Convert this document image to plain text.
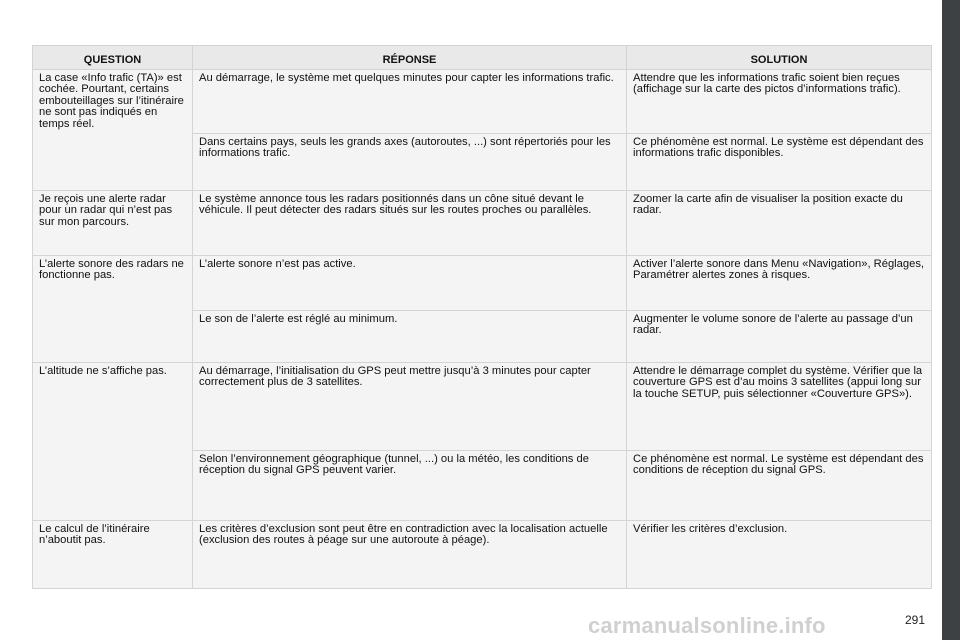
QUESTION	RÉPONSE	SOLUTION
La case «Info trafic (TA)» est cochée. Pourtant, certains embouteillages sur l’itinéraire ne sont pas indiqués en temps réel.	Au démarrage, le système met quelques minutes pour capter les informations trafic.	Attendre que les informations trafic soient bien reçues (affichage sur la carte des pictos d’informations trafic).
	Dans certains pays, seuls les grands axes (autoroutes, ...) sont répertoriés pour les informations trafic.	Ce phénomène est normal. Le système est dépendant des informations trafic disponibles.
Je reçois une alerte radar pour un radar qui n’est pas sur mon parcours.	Le système annonce tous les radars positionnés dans un cône situé devant le véhicule. Il peut détecter des radars situés sur les routes proches ou parallèles.	Zoomer la carte afin de visualiser la position exacte du radar.
L’alerte sonore des radars ne fonctionne pas.	L’alerte sonore n’est pas active.	Activer l’alerte sonore dans Menu «Navigation», Réglages, Paramétrer alertes zones à risques.
	Le son de l’alerte est réglé au minimum.	Augmenter le volume sonore de l’alerte au passage d’un radar.
L’altitude ne s’affiche pas.	Au démarrage, l’initialisation du GPS peut mettre jusqu’à 3 minutes pour capter correctement plus de 3 satellites.	Attendre le démarrage complet du système. Vérifier que la couverture GPS est d’au moins 3 satellites (appui long sur la touche SETUP, puis sélectionner «Couverture GPS»).
	Selon l’environnement géographique (tunnel, ...) ou la météo, les conditions de réception du signal GPS peuvent varier.	Ce phénomène est normal. Le système est dépendant des conditions de réception du signal GPS.
Le calcul de l’itinéraire n’aboutit pas.	Les critères d’exclusion sont peut être en contradiction avec la localisation actuelle (exclusion des routes à péage sur une autoroute à péage).	Vérifier les critères d’exclusion.
carmanualsonline.info	291
